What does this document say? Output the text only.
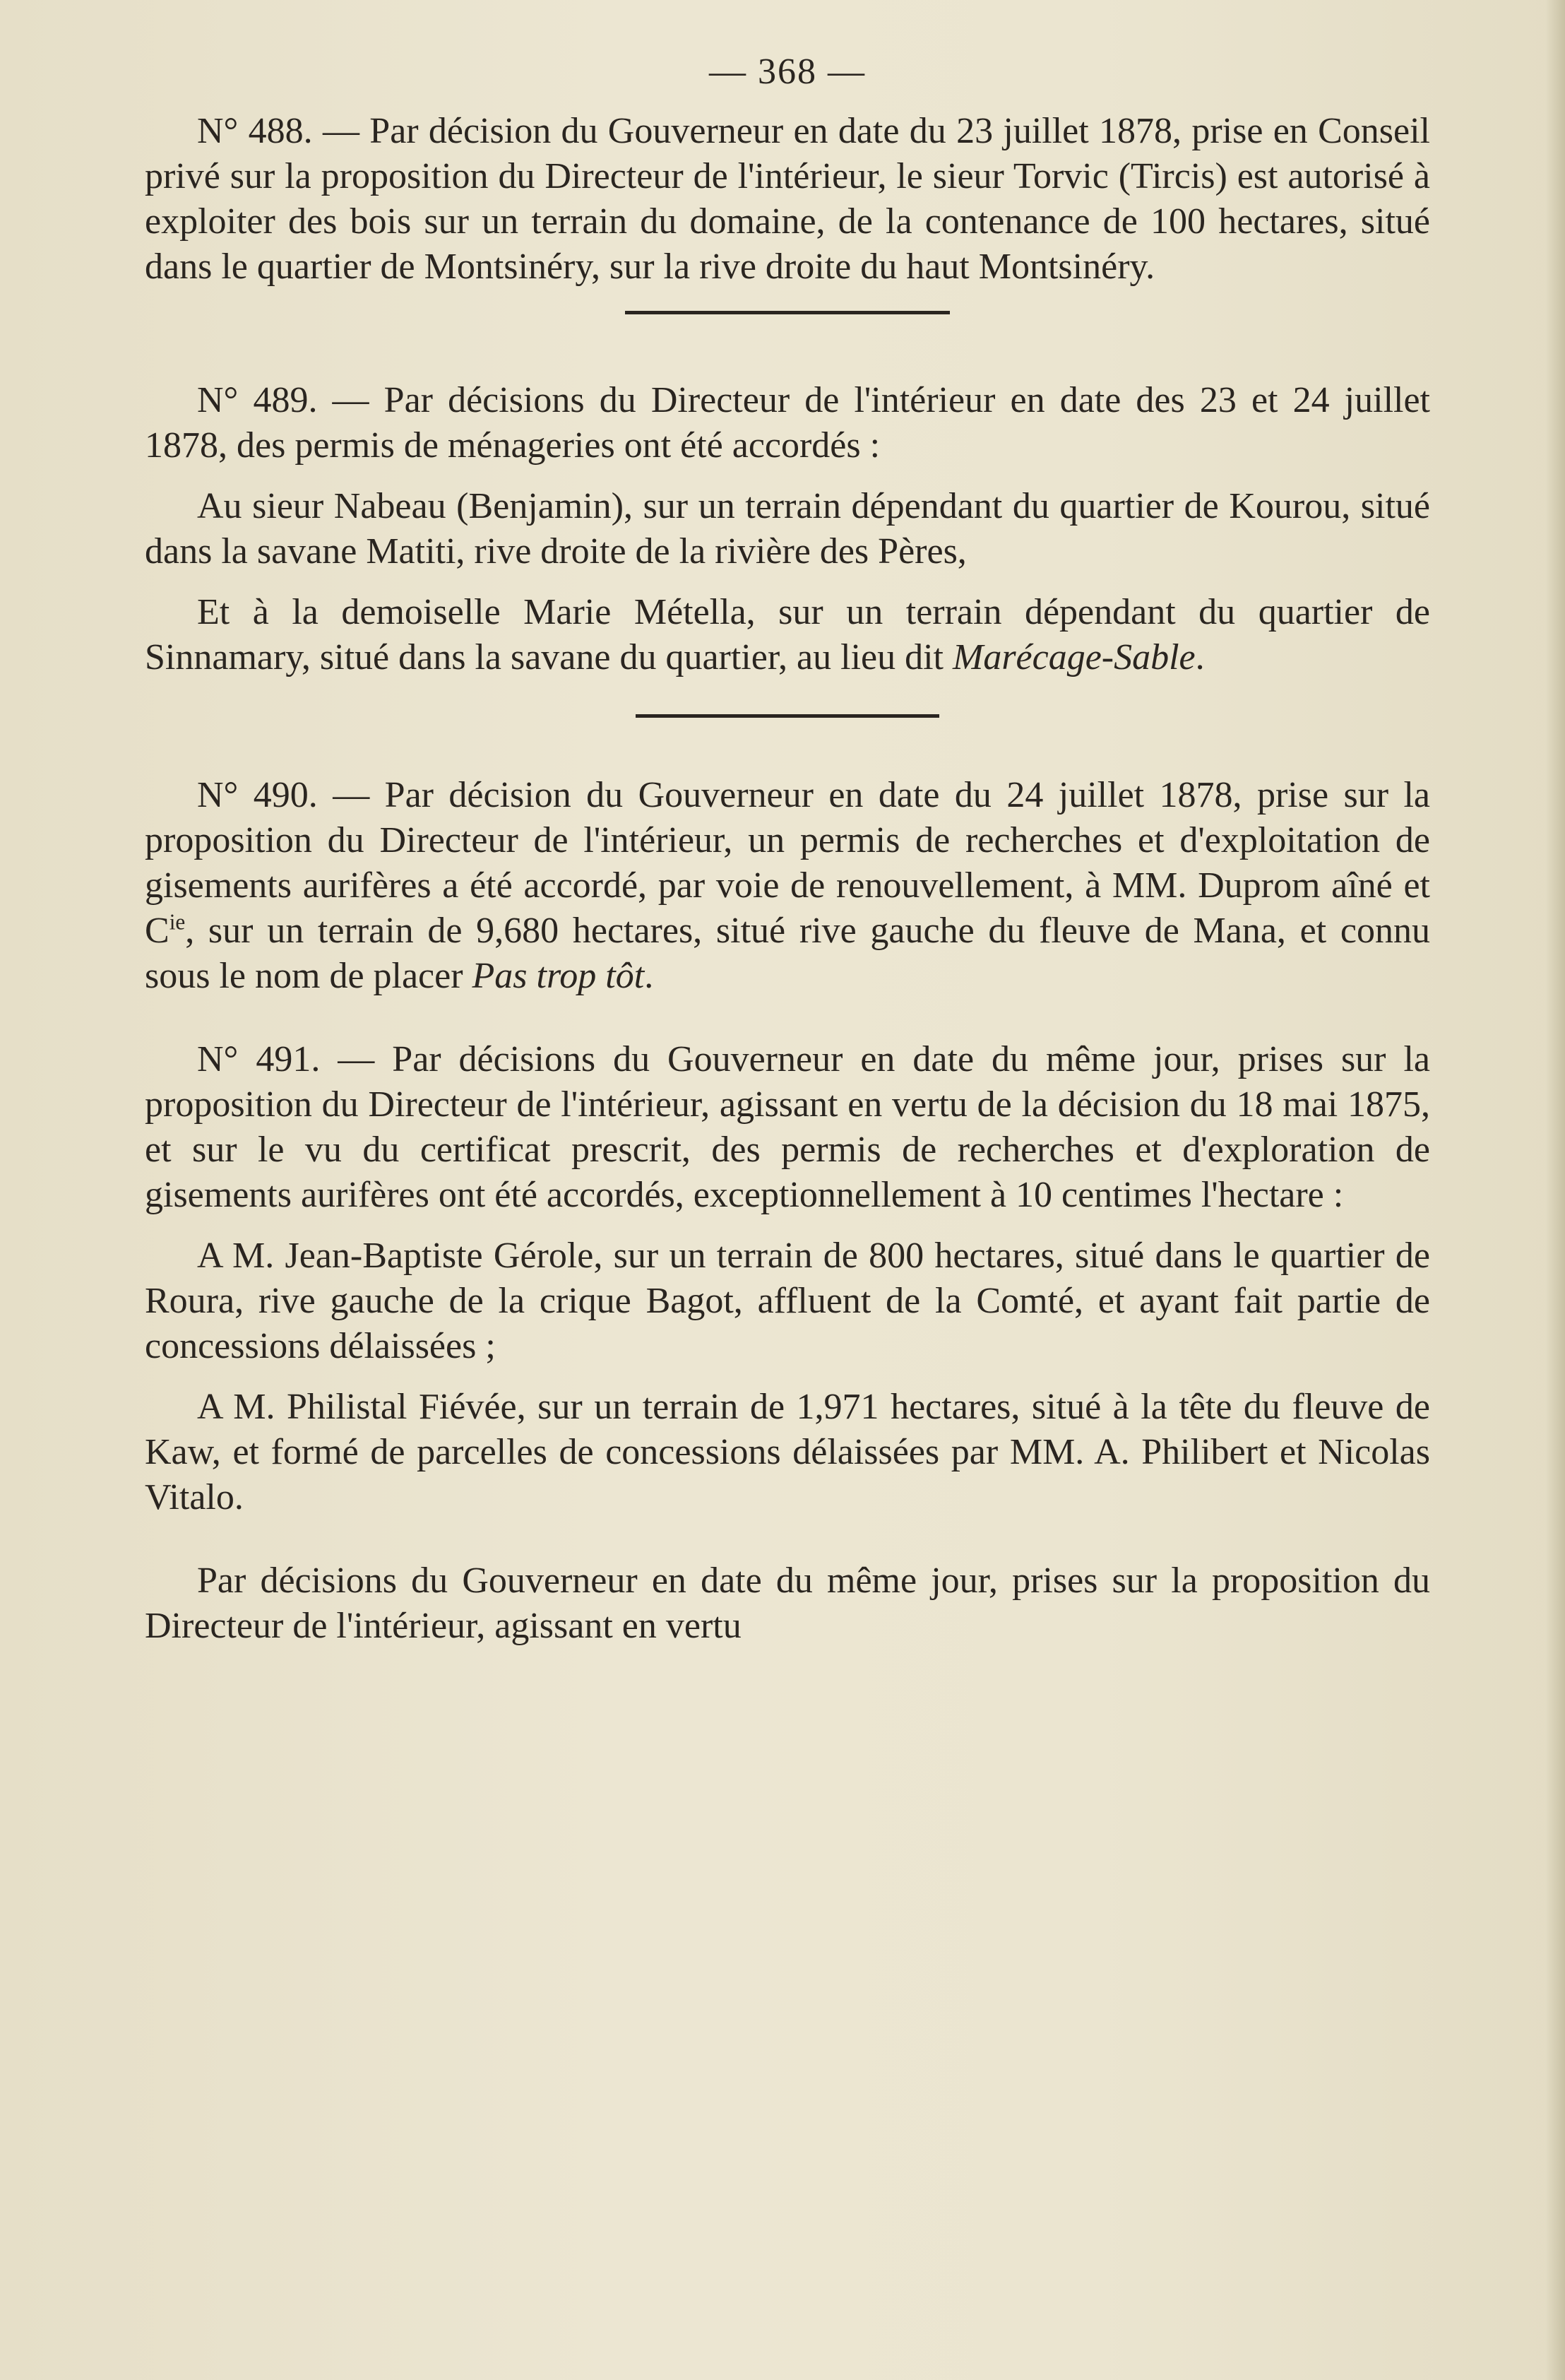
— 368 —

N° 488. — Par décision du Gouverneur en date du 23 juillet 1878, prise en Conseil privé sur la proposition du Directeur de l'intérieur, le sieur Torvic (Tircis) est autorisé à exploiter des bois sur un terrain du domaine, de la contenance de 100 hectares, situé dans le quartier de Montsinéry, sur la rive droite du haut Montsinéry.

N° 489. — Par décisions du Directeur de l'intérieur en date des 23 et 24 juillet 1878, des permis de ménageries ont été accordés :

Au sieur Nabeau (Benjamin), sur un terrain dépendant du quartier de Kourou, situé dans la savane Matiti, rive droite de la rivière des Pères,

Et à la demoiselle Marie Métella, sur un terrain dépendant du quartier de Sinnamary, situé dans la savane du quartier, au lieu dit Marécage-Sable.

N° 490. — Par décision du Gouverneur en date du 24 juillet 1878, prise sur la proposition du Directeur de l'intérieur, un permis de recherches et d'exploitation de gisements aurifères a été accordé, par voie de renouvellement, à MM. Duprom aîné et $C^{ie}$, sur un terrain de 9,680 hectares, situé rive gauche du fleuve de Mana, et connu sous le nom de placer Pas trop tôt.

N° 491. — Par décisions du Gouverneur en date du même jour, prises sur la proposition du Directeur de l'intérieur, agissant en vertu de la décision du 18 mai 1875, et sur le vu du certificat prescrit, des permis de recherches et d'exploration de gisements aurifères ont été accordés, exceptionnellement à 10 centimes l'hectare :

A M. Jean-Baptiste Gérole, sur un terrain de 800 hectares, situé dans le quartier de Roura, rive gauche de la crique Bagot, affluent de la Comté, et ayant fait partie de concessions délaissées ;

A M. Philistal Fiévée, sur un terrain de 1,971 hectares, situé à la tête du fleuve de Kaw, et formé de parcelles de concessions délaissées par MM. A. Philibert et Nicolas Vitalo.

Par décisions du Gouverneur en date du même jour, prises sur la proposition du Directeur de l'intérieur, agissant en vertu
